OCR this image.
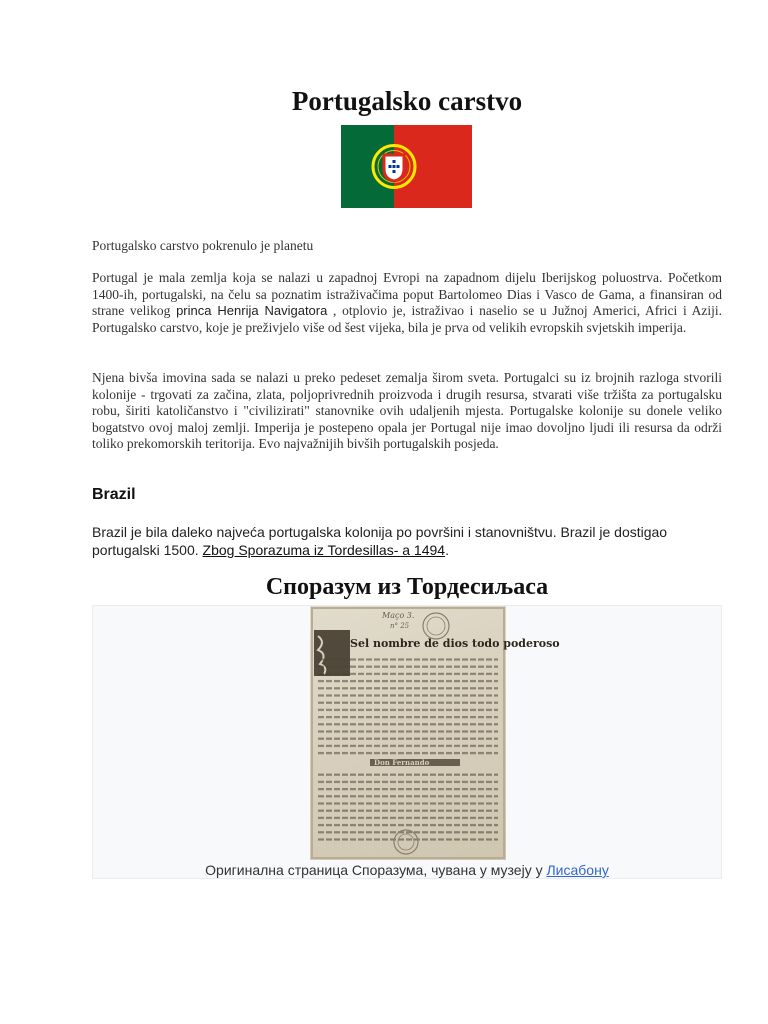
Portugalsko carstvo

Portugalsko carstvo pokrenulo je planetu

Portugal je mala zemlja koja se nalazi u zapadnoj Evropi na zapadnom dijelu Iberijskog poluostrva. Početkom 1400-ih, portugalski, na čelu sa poznatim istraživačima poput Bartolomeo Dias i Vasco de Gama, a finansiran od strane velikog princa Henrija Navigatora , otplovio je, istraživao i naselio se u Južnoj Americi, Africi i Aziji. Portugalsko carstvo, koje je preživjelo više od šest vijeka, bila je prva od velikih evropskih svjetskih imperija.

Njena bivša imovina sada se nalazi u preko pedeset zemalja širom sveta. Portugalci su iz brojnih razloga stvorili kolonije - trgovati za začina, zlata, poljoprivrednih proizvoda i drugih resursa, stvarati više tržišta za portugalsku robu, širiti katoličanstvo i "civilizirati" stanovnike ovih udaljenih mjesta. Portugalske kolonije su donele veliko bogatstvo ovoj maloj zemlji. Imperija je postepeno opala jer Portugal nije imao dovoljno ljudi ili resursa da održi toliko prekomorskih teritorija. Evo najvažnijih bivših portugalskih posjeda.

Brazil

Brazil je bila daleko najveća portugalska kolonija po površini i stanovništvu. Brazil je dostigao portugalski 1500. Zbog Sporazuma iz Tordesillas- a 1494.

Споразум из Тордесиљаса
Maço 3.
n° 25
Sel nombre de dios todo poderoso
Don Fernando
Оригинална страница Споразума, чувана у музеју у Лисабону
